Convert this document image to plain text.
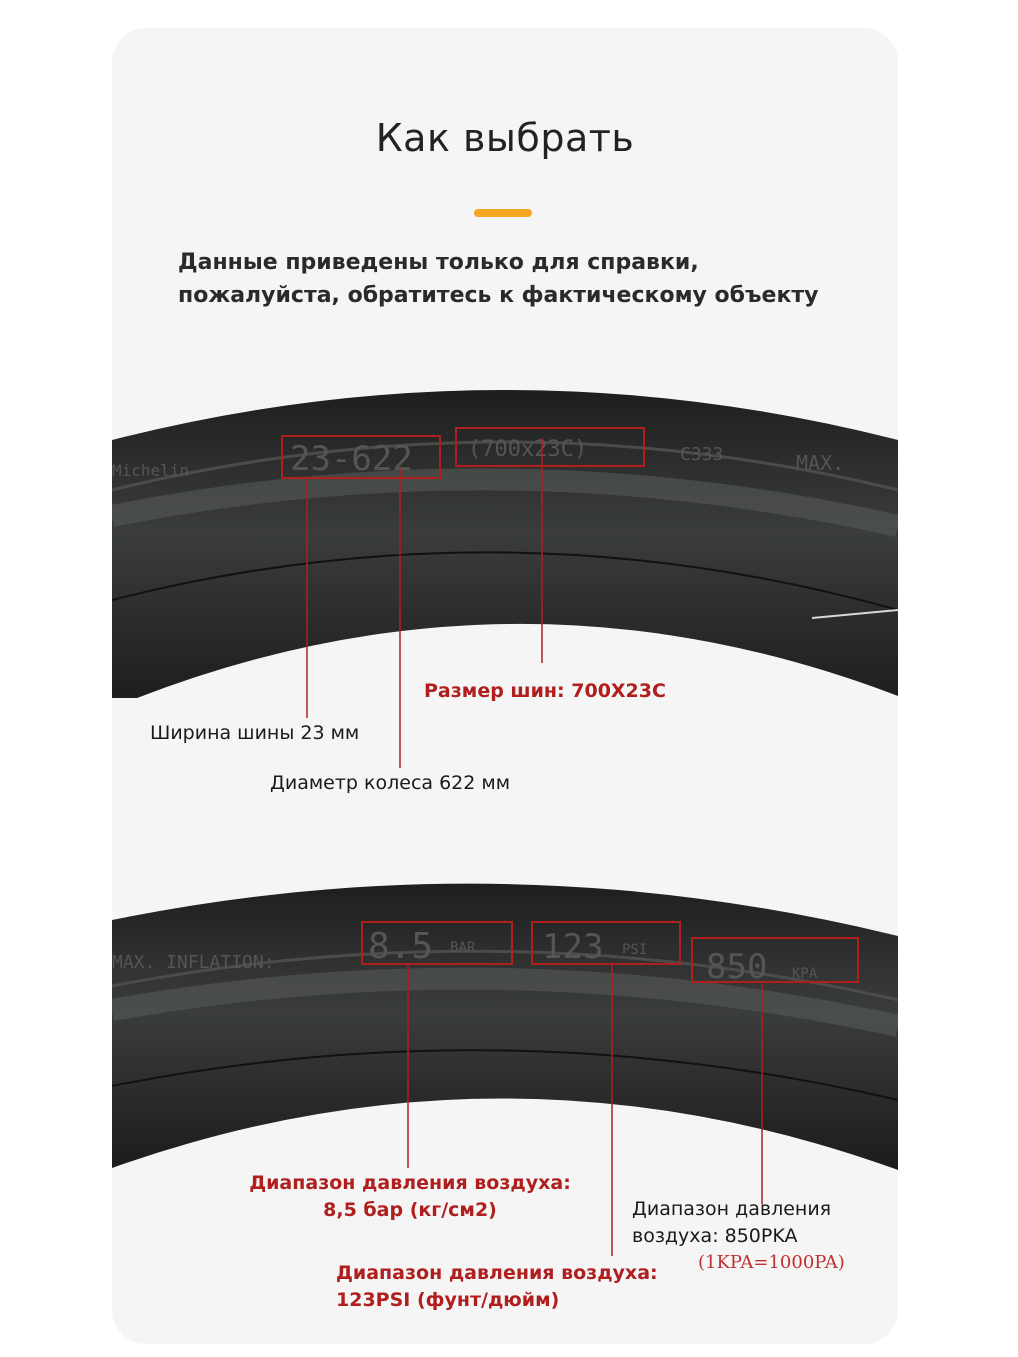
Как выбрать
Данные приведены только для справки,
пожалуйста, обратитесь к фактическому объекту
Michelin	23-622	(700x23C)	C333	MAX.
Размер шин: 700X23C
Ширина шины 23 мм
Диаметр колеса 622 мм
MAX. INFLATION:	8.5 BAR 123 PSI 850 KPA
Диапазон давления воздуха:
8,5 бар (кг/см2)	Диапазон давления
воздуха: 850PKA
(1KPA=1000PA)
Диапазон давления воздуха:
123PSI (фунт/дюйм)
